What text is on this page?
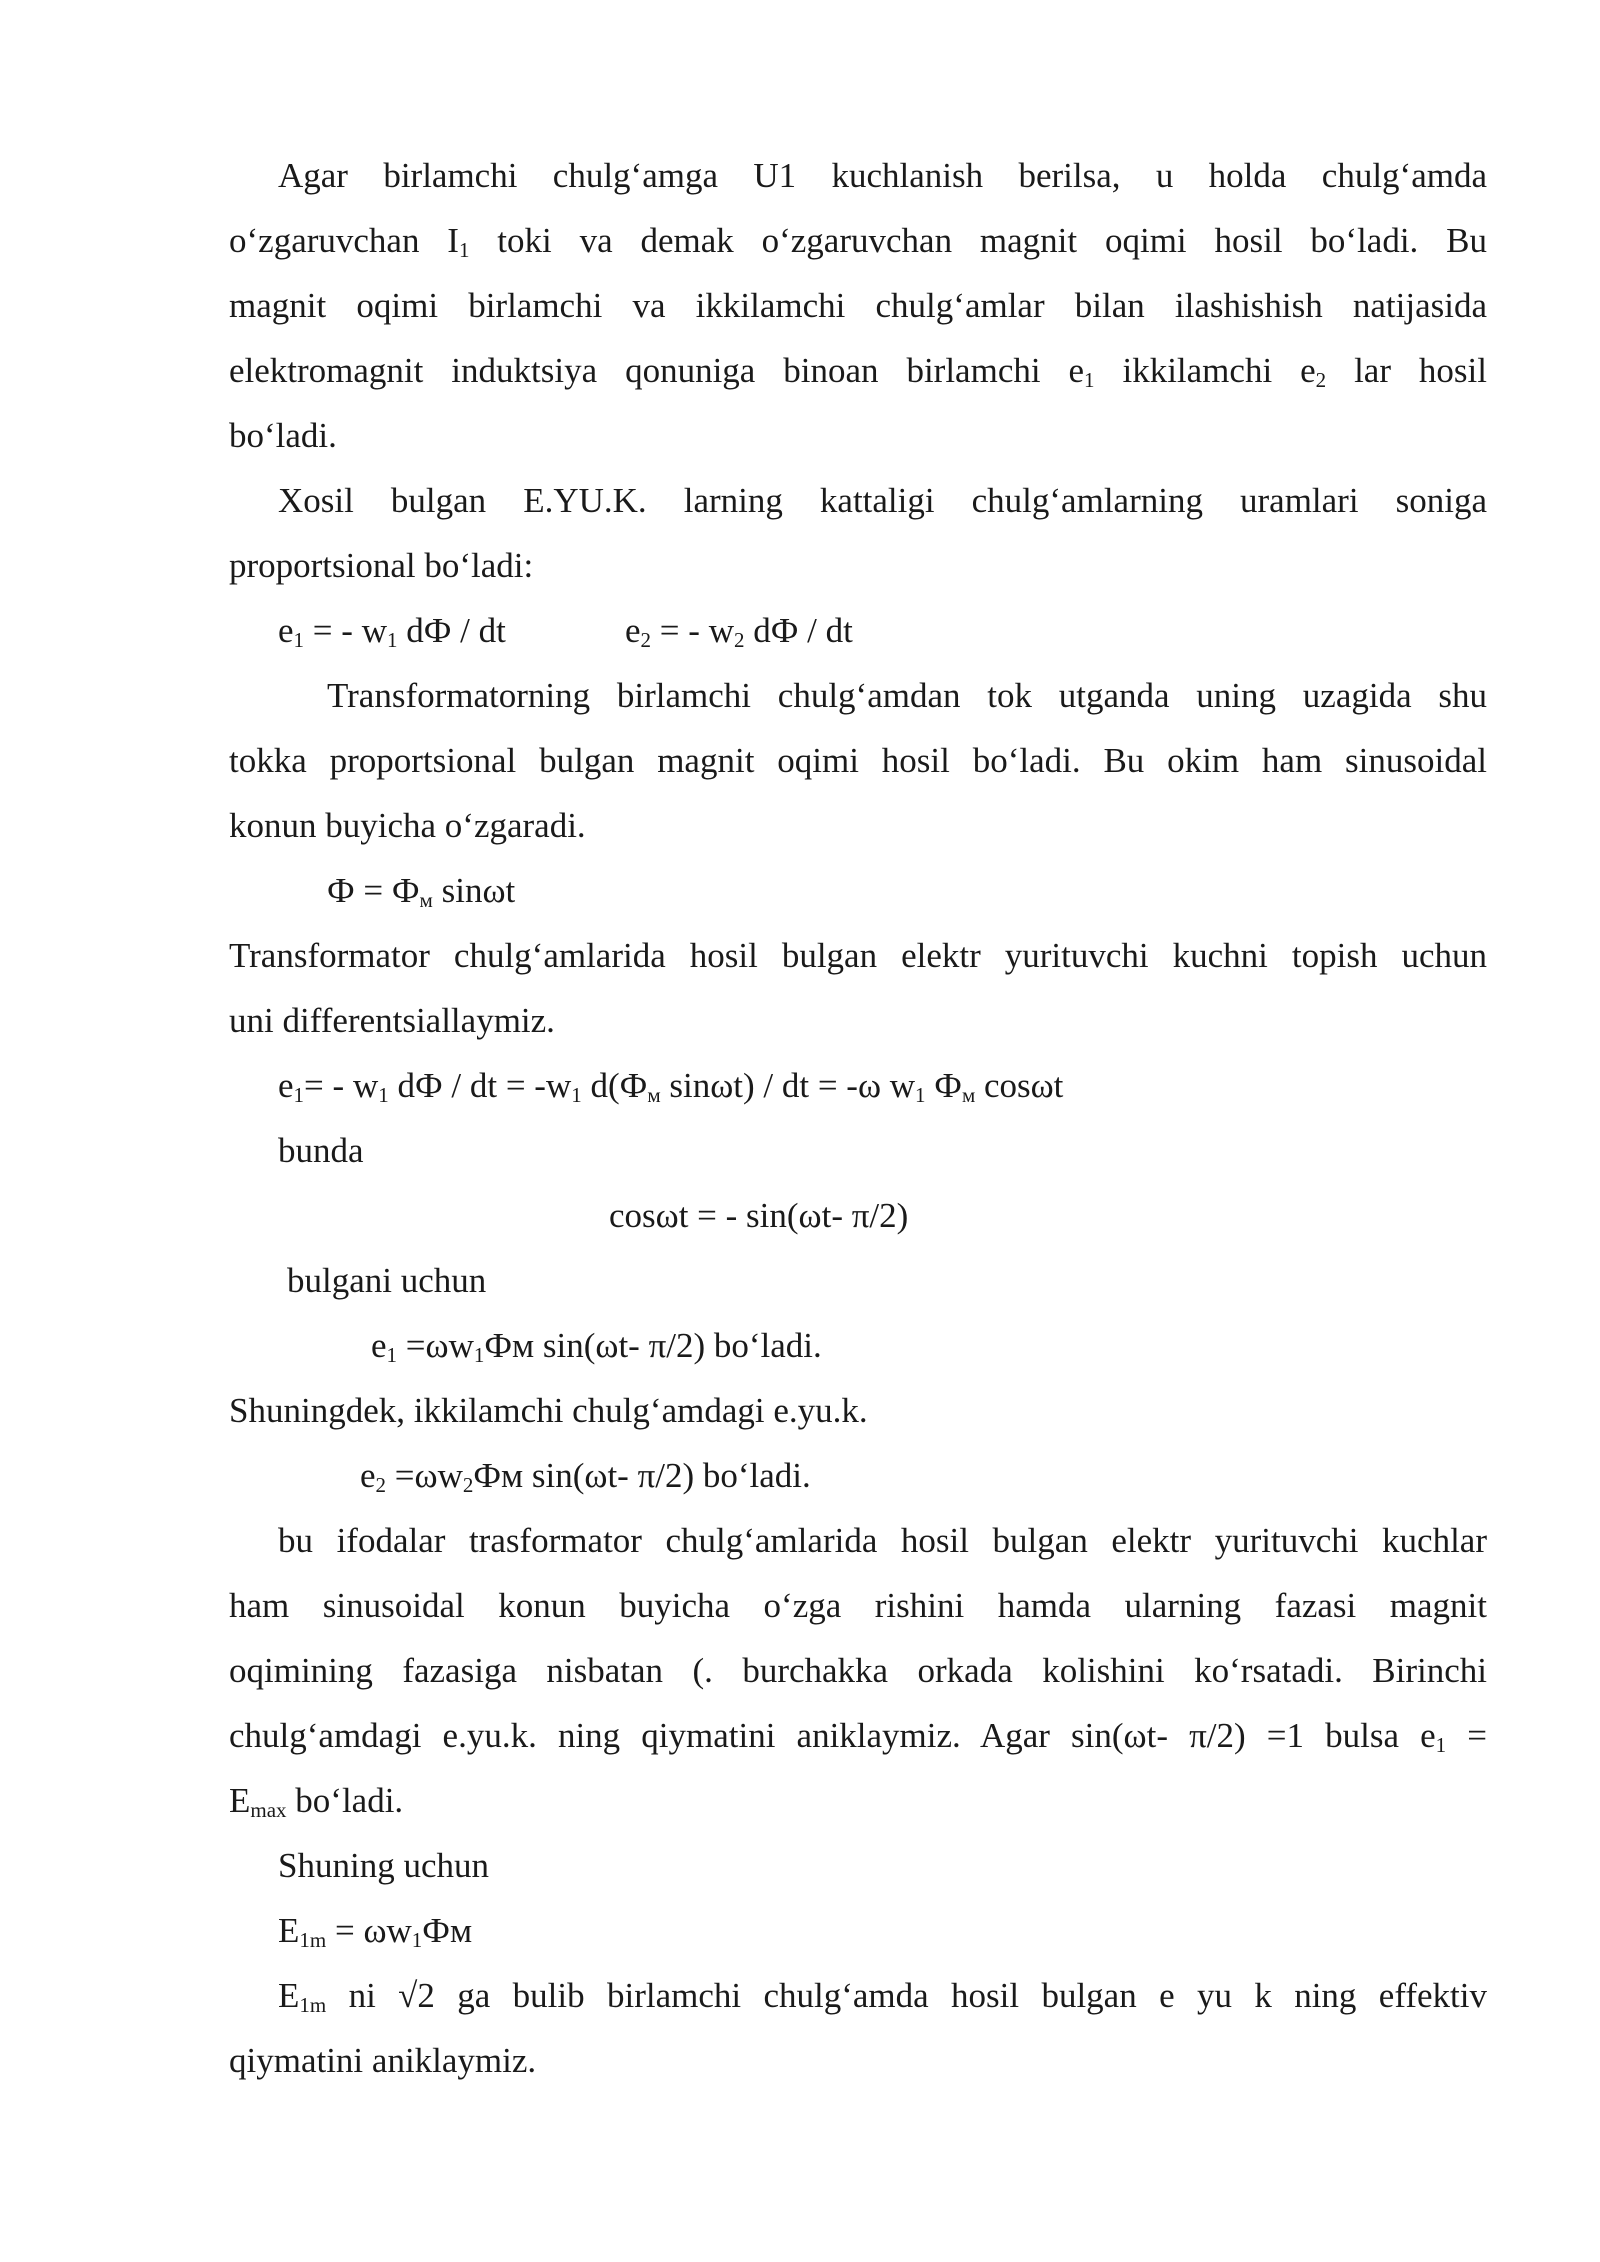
Agar birlamchi chulg‘amga U1 kuchlanish berilsa, u holda chulg‘amda
o‘zgaruvchan $I_1$ toki va demak o‘zgaruvchan magnit oqimi hosil bo‘ladi. Bu
magnit oqimi birlamchi va ikkilamchi chulg‘amlar bilan ilashishish natijasida
elektromagnit induktsiya qonuniga binoan birlamchi $e_1$ ikkilamchi $e_2$ lar hosil
bo‘ladi.
Xosil bulgan E.YU.K. larning kattaligi chulg‘amlarning uramlari soniga
proportsional bo‘ladi:
$e_1$ = - $w_1$ dФ / dt	$e_2$ = - $w_2$ dФ / dt
Transformatorning birlamchi chulg‘amdan tok utganda uning uzagida shu
tokka proportsional bulgan magnit oqimi hosil bo‘ladi. Bu okim ham sinusoidal
konun buyicha o‘zgaradi.
$Ф = Ф_м$ sinωt
Transformator chulg‘amlarida hosil bulgan elektr yurituvchi kuchni topish uchun
uni differentsiallaymiz.
$e_1= - w_1$ dФ / dt = $-w_1$ $d(Ф_м$ sinωt) / dt = -ω $w_1$ $Ф_м$ cosωt
bunda
cosωt = - sin(ωt- π/2)
bulgani uchun
$e_1 =\omega w_1Фм$ sin(ωt- π/2) bo‘ladi.
Shuningdek, ikkilamchi chulg‘amdagi e.yu.k.
$e_2 =\omega w_2Фм$ sin(ωt- π/2) bo‘ladi.
bu ifodalar trasformator chulg‘amlarida hosil bulgan elektr yurituvchi kuchlar
ham sinusoidal konun buyicha o‘zga rishini hamda ularning fazasi magnit
oqimining fazasiga nisbatan (. burchakka orkada kolishini ko‘rsatadi. Birinchi
chulg‘amdagi e.yu.k. ning qiymatini aniklaymiz. Agar sin(ωt- π/2) =1 bulsa $e_1$ =
$E_{max}$ bo‘ladi.
Shuning uchun
$E_{1m} = \omega w_1Фм$
$E_{1m}$ ni √2 ga bulib birlamchi chulg‘amda hosil bulgan e yu k ning effektiv
qiymatini aniklaymiz.
